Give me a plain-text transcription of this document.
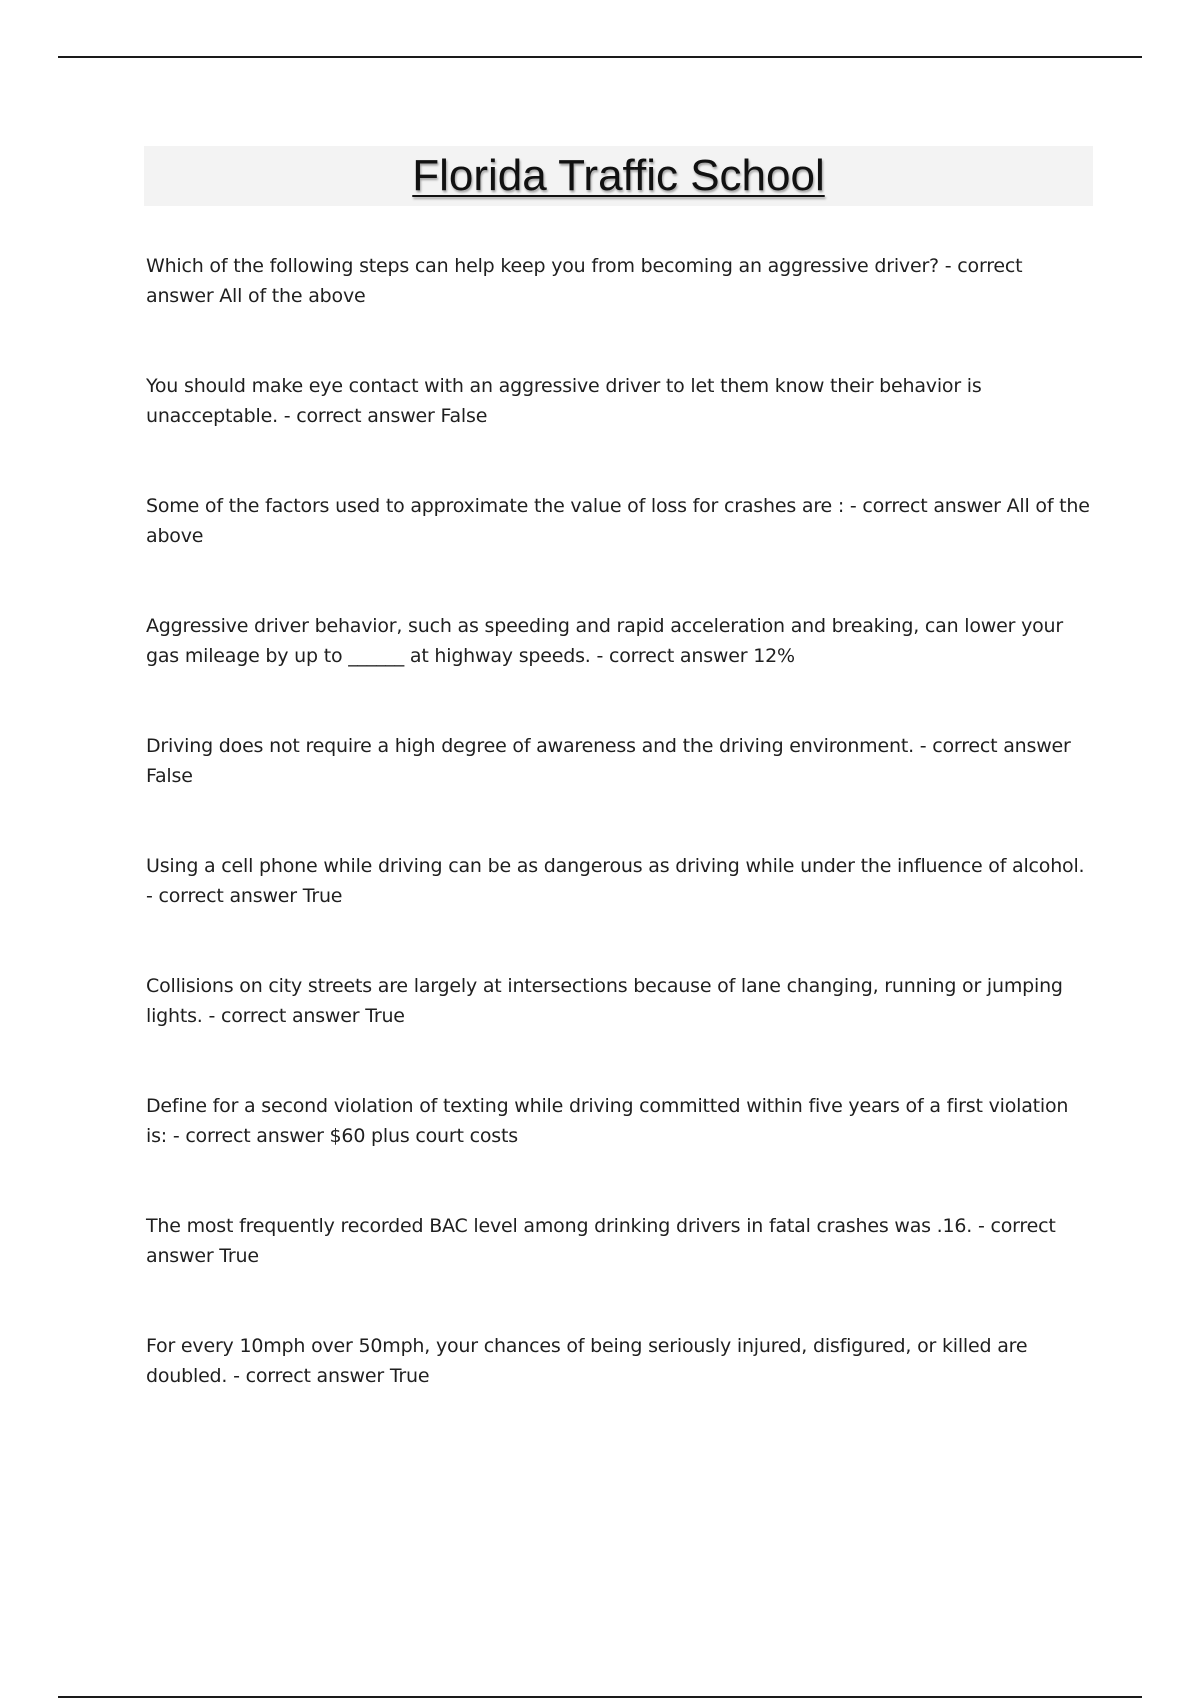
Florida Traffic School
Which of the following steps can help keep you from becoming an aggressive driver? - correct answer All of the above
You should make eye contact with an aggressive driver to let them know their behavior is unacceptable. - correct answer False
Some of the factors used to approximate the value of loss for crashes are : - correct answer All of the above
Aggressive driver behavior, such as speeding and rapid acceleration and breaking, can lower your gas mileage by up to ______ at highway speeds. - correct answer 12%
Driving does not require a high degree of awareness and the driving environment. - correct answer False
Using a cell phone while driving can be as dangerous as driving while under the influence of alcohol. - correct answer True
Collisions on city streets are largely at intersections because of lane changing, running or jumping lights. - correct answer True
Define for a second violation of texting while driving committed within five years of a first violation is: - correct answer $60 plus court costs
The most frequently recorded BAC level among drinking drivers in fatal crashes was .16. - correct answer True
For every 10mph over 50mph, your chances of being seriously injured, disfigured, or killed are doubled. - correct answer True
